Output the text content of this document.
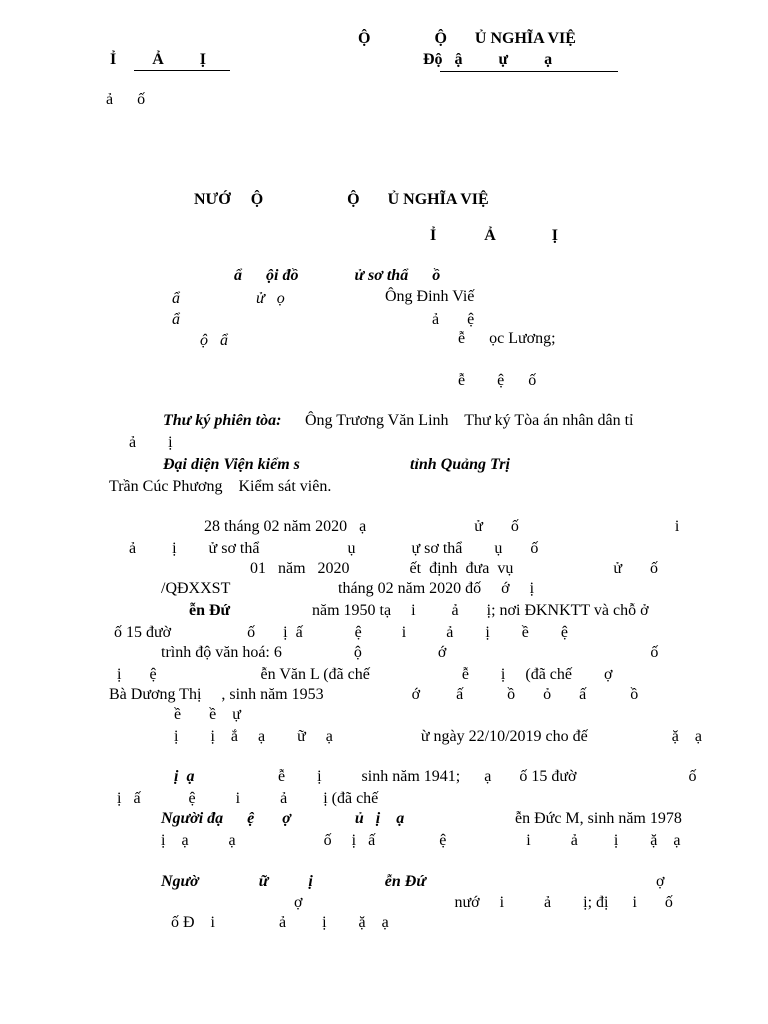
Ộ                Ộ       Ủ NGHĨA VIỆ
Ỉ         Ả         Ị	Độ   ậ         ự         ạ
ả      ố
NƯỚ     Ộ                     Ộ       Ủ NGHĨA VIỆ
Ỉ            Ả              Ị
ẩ      ội đồ              ử sơ thẩ      ồ
ẩ                   ử   ọ	Ông Đinh Viế
ẩ	ả       ệ
ộ   ẩ	ễ      ọc Lương;
ễ        ệ      ố
Thư ký phiên tòa: Ông Trương Văn Linh    Thư ký Tòa án nhân dân tỉ
ả        ị
Đại diện Viện kiểm s	tỉnh Quảng Trị
Trần Cúc Phương    Kiểm sát viên.
28 tháng 02 năm 2020   ạ                           ử       ố                                       i
ả         ị        ử sơ thẩ                      ụ              ự sơ thẩ        ụ       ố
01   năm   2020               ết  định  đưa  vụ                         ử       ố
/QĐXXST                           tháng 02 năm 2020 đố     ớ     ị
ễn Đứ	năm 1950 tạ     i         ả       ị; nơi ĐKNKTT và chỗ ở
ố 15 đườ                   ố       ị  ấ             ệ          i          ả        ị        ề        ệ
trình độ văn hoá: 6                  ộ                   ớ                                                   ố
ị       ệ                          ễn Văn L (đã chế                       ễ        ị     (đã chế        ợ
Bà Dương Thị     , sinh năm 1953                      ớ         ấ           ồ       ỏ       ấ           ồ
ề       ề    ự
ị        ị    ắ     ạ        ữ     ạ                      ừ ngày 22/10/2019 cho đế                     ặ    ạ
ị  ạ	ễ        ị          sinh năm 1941;      ạ       ố 15 đườ                            ố
ị   ấ            ệ          i          ả         ị (đã chế
Người đạ      ệ       ợ                ủ   ị    ạ	ễn Đức M, sinh năm 1978
ị    ạ          ạ                      ố     ị   ấ                ệ                    i          ả         ị        ặ    ạ
Ngườ               ữ          ị                  ễn Đứ	ợ
ợ                                      nướ     i          ả        ị; đị      i       ố
ố Đ    i                ả         ị        ặ    ạ
